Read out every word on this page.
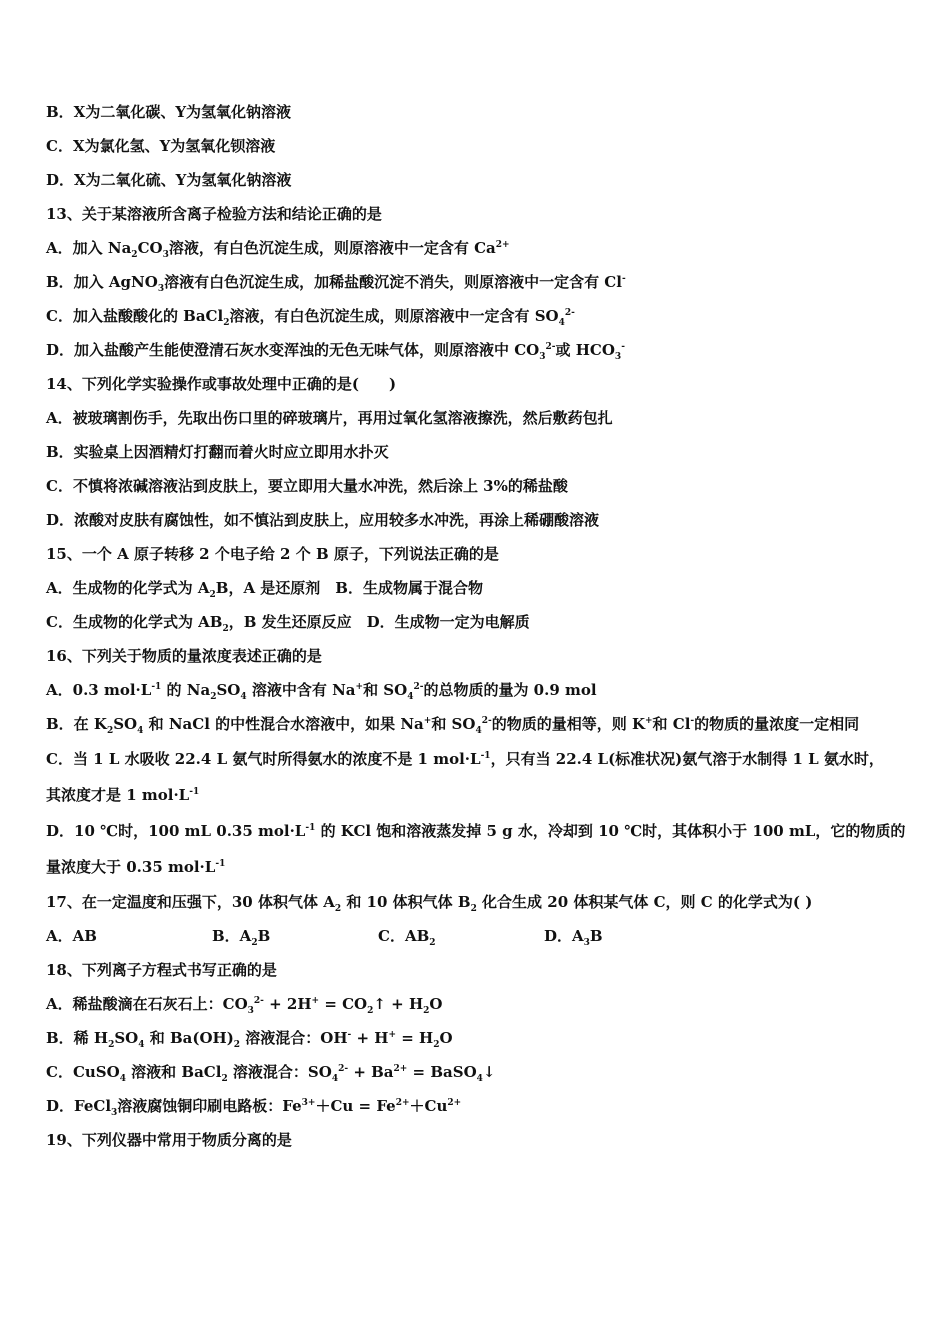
B．X为二氧化碳、Y为氢氧化钠溶液
C．X为氯化氢、Y为氢氧化钡溶液
D．X为二氧化硫、Y为氢氧化钠溶液
13、关于某溶液所含离子检验方法和结论正确的是
A．加入 $Na_2CO_3$溶液，有白色沉淀生成，则原溶液中一定含有 $Ca^{2+}$
B．加入 AgNO$_3$溶液有白色沉淀生成，加稀盐酸沉淀不消失，则原溶液中一定含有 Cl-
C．加入盐酸酸化的 BaCl$_2$溶液，有白色沉淀生成，则原溶液中一定含有 $SO_4^{2-}$
D．加入盐酸产生能使澄清石灰水变浑浊的无色无味气体，则原溶液中 $CO_3^{2-}$或 $HCO_3^-$
14、下列化学实验操作或事故处理中正确的是(　　)
A．被玻璃割伤手，先取出伤口里的碎玻璃片，再用过氧化氢溶液擦洗，然后敷药包扎
B．实验桌上因酒精灯打翻而着火时应立即用水扑灭
C．不慎将浓碱溶液沾到皮肤上，要立即用大量水冲洗，然后涂上 3%的稀盐酸
D．浓酸对皮肤有腐蚀性，如不慎沾到皮肤上，应用较多水冲洗，再涂上稀硼酸溶液
15、一个 A 原子转移 2 个电子给 2 个 B 原子，下列说法正确的是
A．生成物的化学式为 $A_2B$，A 是还原剂　B．生成物属于混合物
C．生成物的化学式为 $AB_2$，B 发生还原反应　D．生成物一定为电解质
16、下列关于物质的量浓度表述正确的是
A．0.3 $mol\cdot L^{-1}$ 的 $Na_2SO_4$ 溶液中含有 Na+和 $SO_4^{2-}$的总物质的量为 0.9 mol
B．在 $K_2SO_4$ 和 NaCl 的中性混合水溶液中，如果 Na+和 $SO_4^{2-}$的物质的量相等，则 K+和 Cl-的物质的量浓度一定相同
C．当 1 L 水吸收 22.4 L 氨气时所得氨水的浓度不是 1 $mol\cdot L^{-1}$，只有当 22.4 L(标准状况)氨气溶于水制得 1 L 氨水时，
其浓度才是 1 $mol\cdot L^{-1}$
D．10 ℃时，100 mL 0.35 $mol\cdot L^{-1}$ 的 KCl 饱和溶液蒸发掉 5 g 水，冷却到 10 ℃时，其体积小于 100 mL，它的物质的
量浓度大于 0.35 $mol\cdot L^{-1}$
17、在一定温度和压强下，30 体积气体 $A_2$ 和 10 体积气体 $B_2$ 化合生成 20 体积某气体 C，则 C 的化学式为( )
A．AB	B．$A_2B$	C．$AB_2$	D．$A_3B$
18、下列离子方程式书写正确的是
A．稀盐酸滴在石灰石上：$CO_3^{2-} + 2H^+$ = $CO_2↑ + H_2O$
B．稀 $H_2SO_4$ 和 $Ba(OH)_2$ 溶液混合：$OH^- + H^+ = H_2O$
C．CuSO$_4$ 溶液和 BaCl$_2$ 溶液混合：$SO_4^{2-} + Ba^{2+}$ = BaSO$_4$↓
D．FeCl$_3$溶液腐蚀铜印刷电路板：$Fe^{3+}+Cu = Fe^{2+}+Cu^{2+}$
19、下列仪器中常用于物质分离的是
